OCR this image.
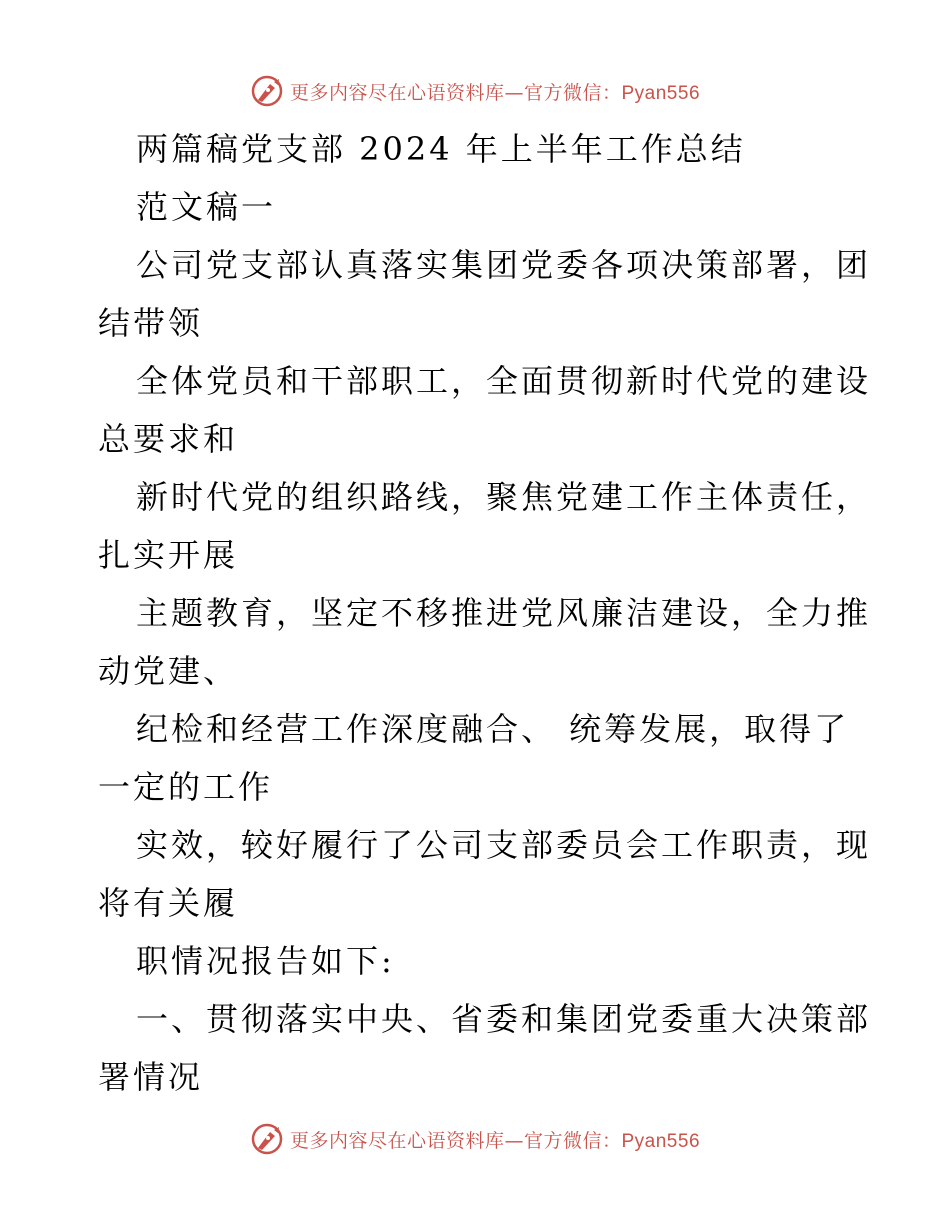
更多内容尽在心语资料库—官方微信：Pyan556
两篇稿党支部 2024 年上半年工作总结
范文稿一
公司党支部认真落实集团党委各项决策部署，团
结带领
全体党员和干部职工，全面贯彻新时代党的建设
总要求和
新时代党的组织路线，聚焦党建工作主体责任，
扎实开展
主题教育，坚定不移推进党风廉洁建设，全力推
动党建、
纪检和经营工作深度融合、 统筹发展，取得了
一定的工作
实效，较好履行了公司支部委员会工作职责，现
将有关履
职情况报告如下:
一、贯彻落实中央、省委和集团党委重大决策部
署情况
更多内容尽在心语资料库—官方微信：Pyan556
